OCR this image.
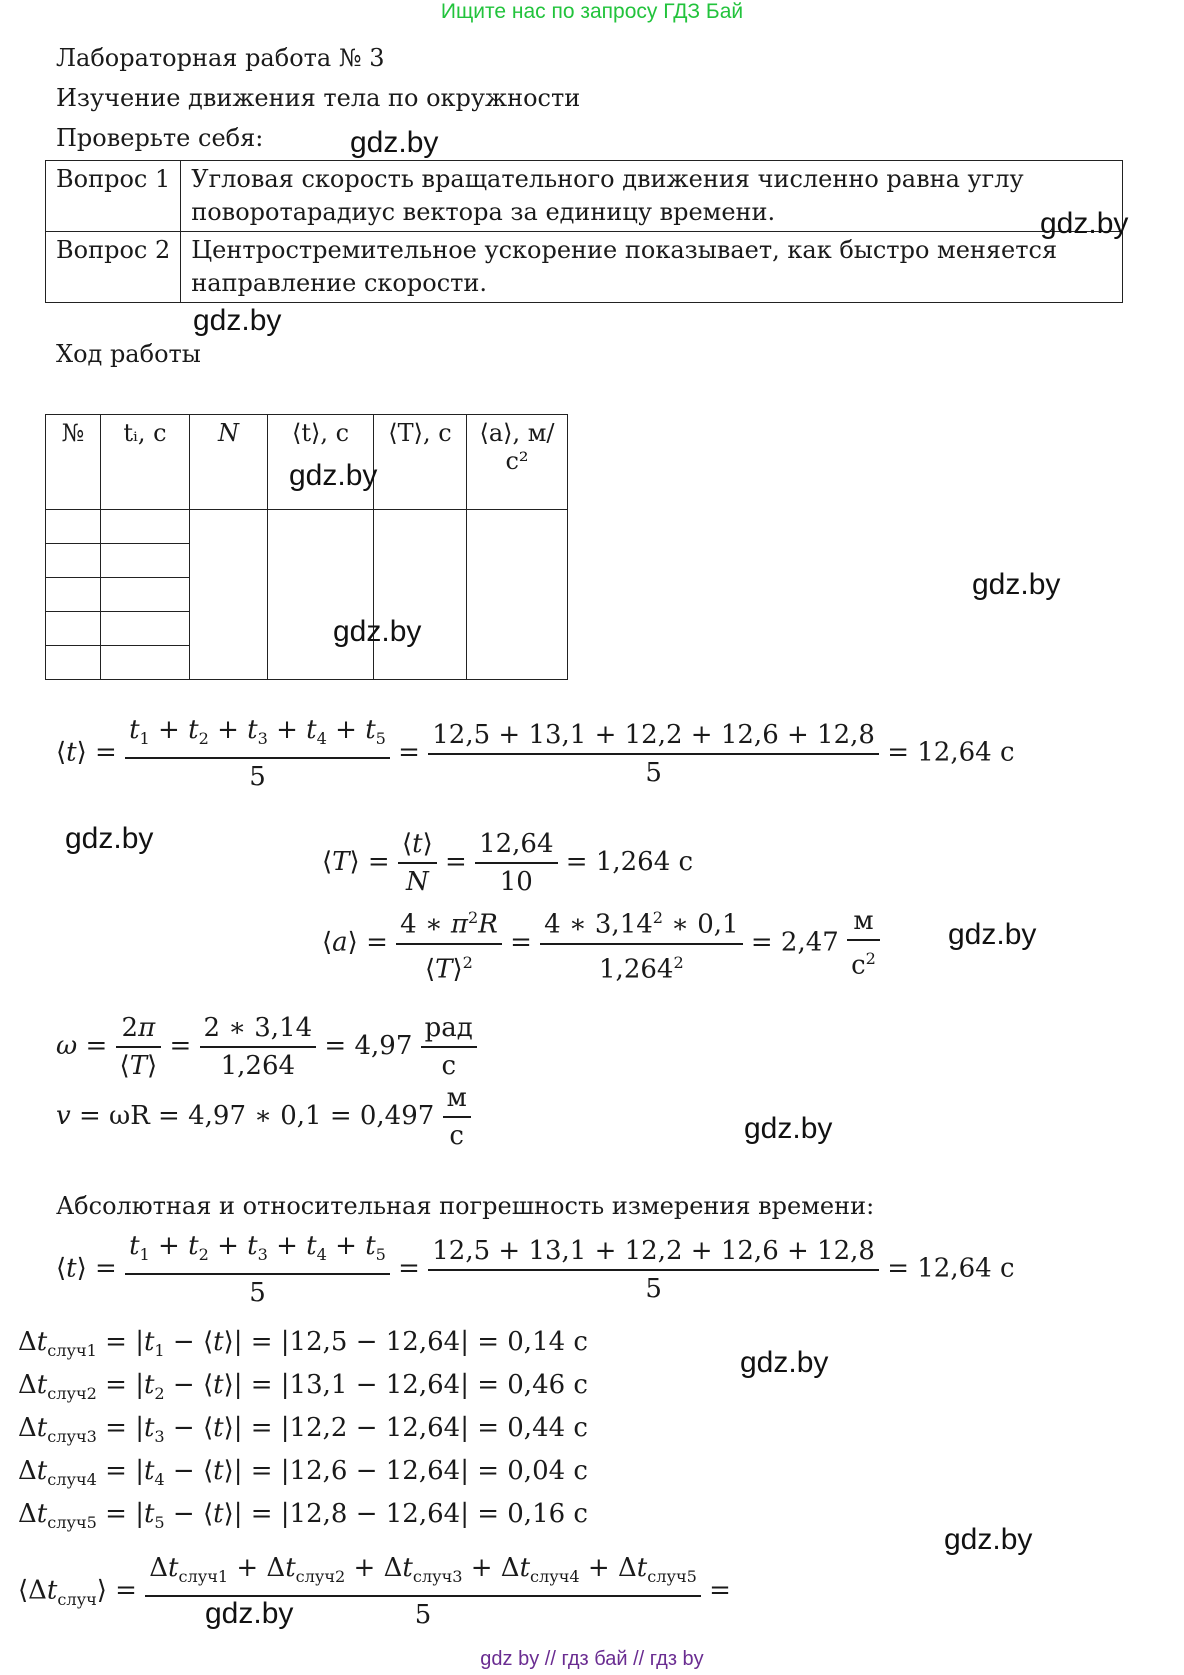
Ищите нас по запросу ГДЗ Бай
Лабораторная работа № 3
Изучение движения тела по окружности
Проверьте себя:
Вопрос 1	Угловая скорость вращательного движения численно равна углу
поворотарадиус вектора за единицу времени.

Вопрос 2	Центростремительное ускорение показывает, как быстро меняется
направление скорости.
Ход работы
№	tᵢ, с	N	⟨t⟩, с	⟨T⟩, с	⟨a⟩, м/с²

⟨t⟩ = $\frac{t_1 + t_2 + t_3 + t_4 + t_5}{5} = \frac{12,5 + 13,1 + 12,2 + 12,6 + 12,8}{5} = 12,64$ с
⟨T⟩ = $\frac{⟨t⟩}{N} = \frac{12,64}{10} = 1,264$ с
⟨a⟩ = $\frac{4 ∗ \pi^2R}{⟨T⟩^2} = \frac{4 ∗ 3,14^2 ∗ 0,1}{1,264^2} = 2,47$
м
$с^2$
$\omega = \frac{2\pi}{⟨T⟩} = \frac{2 ∗ 3,14}{1,264} = 4,97$
рад
с
v = ωR = 4,97 ∗ 0,1 = 0,497
м
с
Абсолютная и относительная погрешность измерения времени:
⟨t⟩ = $\frac{t_1 + t_2 + t_3 + t_4 + t_5}{5} = \frac{12,5 + 13,1 + 12,2 + 12,6 + 12,8}{5} = 12,64$ с
$\Delta t_{случ1} = |t_1$ − ⟨t⟩| = |12,5 − 12,64| = 0,14 с
$\Delta t_{случ2} = |t_2$ − ⟨t⟩| = |13,1 − 12,64| = 0,46 с
$\Delta t_{случ3} = |t_3$ − ⟨t⟩| = |12,2 − 12,64| = 0,44 с
$\Delta t_{случ4} = |t_4$ − ⟨t⟩| = |12,6 − 12,64| = 0,04 с
$\Delta t_{случ5} = |t_5$ − ⟨t⟩| = |12,8 − 12,64| = 0,16 с
$⟨\Delta t_{случ}⟩$ =
$\Delta t_{случ1} + \Delta t_{случ2} + \Delta t_{случ3} + \Delta t_{случ4} + \Delta t_{случ5}$
5
=
gdz.by
gdz.by
gdz.by
gdz.by
gdz.by
gdz.by
gdz.by
gdz.by
gdz.by
gdz.by
gdz.by
gdz.by
gdz by // гдз бай // гдз by
